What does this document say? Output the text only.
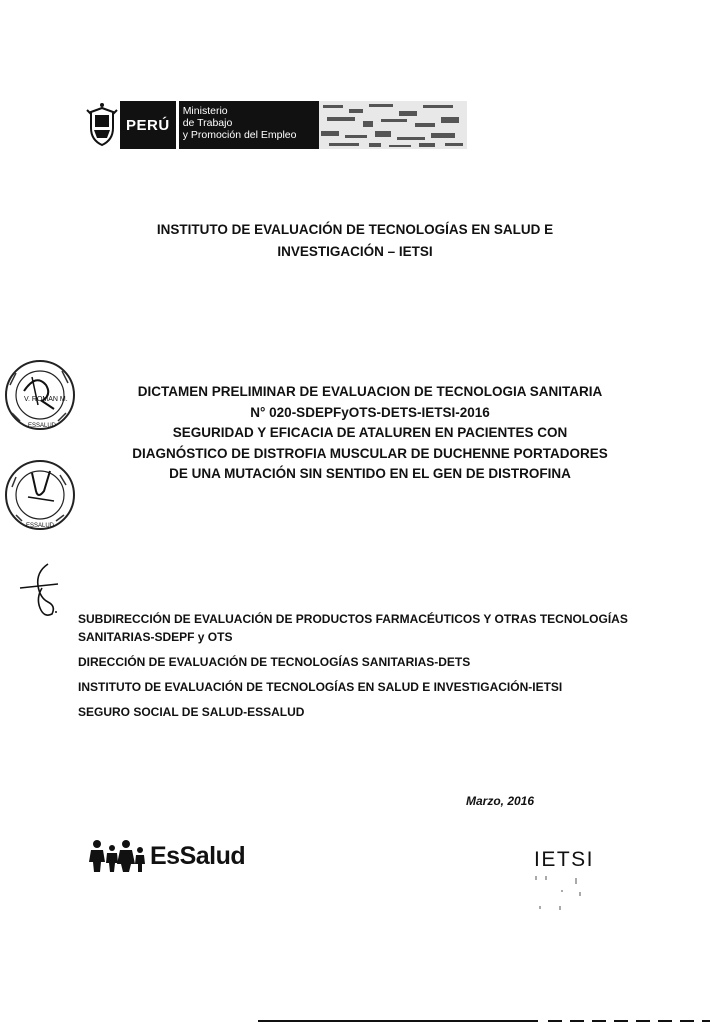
PERÚ
Ministerio
de Trabajo
y Promoción del Empleo
INSTITUTO DE EVALUACIÓN DE TECNOLOGÍAS EN SALUD E
INVESTIGACIÓN – IETSI
V. ROMAN M.
ESSALUD
ESSALUD
DICTAMEN PRELIMINAR DE EVALUACION DE TECNOLOGIA SANITARIA
N° 020-SDEPFyOTS-DETS-IETSI-2016
SEGURIDAD Y EFICACIA DE ATALUREN EN PACIENTES CON
DIAGNÓSTICO DE DISTROFIA MUSCULAR DE DUCHENNE PORTADORES
DE UNA MUTACIÓN SIN SENTIDO EN EL GEN DE DISTROFINA

SUBDIRECCIÓN DE EVALUACIÓN DE PRODUCTOS FARMACÉUTICOS Y OTRAS TECNOLOGÍAS SANITARIAS-SDEPF y OTS

DIRECCIÓN DE EVALUACIÓN DE TECNOLOGÍAS SANITARIAS-DETS

INSTITUTO DE EVALUACIÓN DE TECNOLOGÍAS EN SALUD E INVESTIGACIÓN-IETSI

SEGURO SOCIAL DE SALUD-ESSALUD

Marzo, 2016
EsSalud	IETSI
